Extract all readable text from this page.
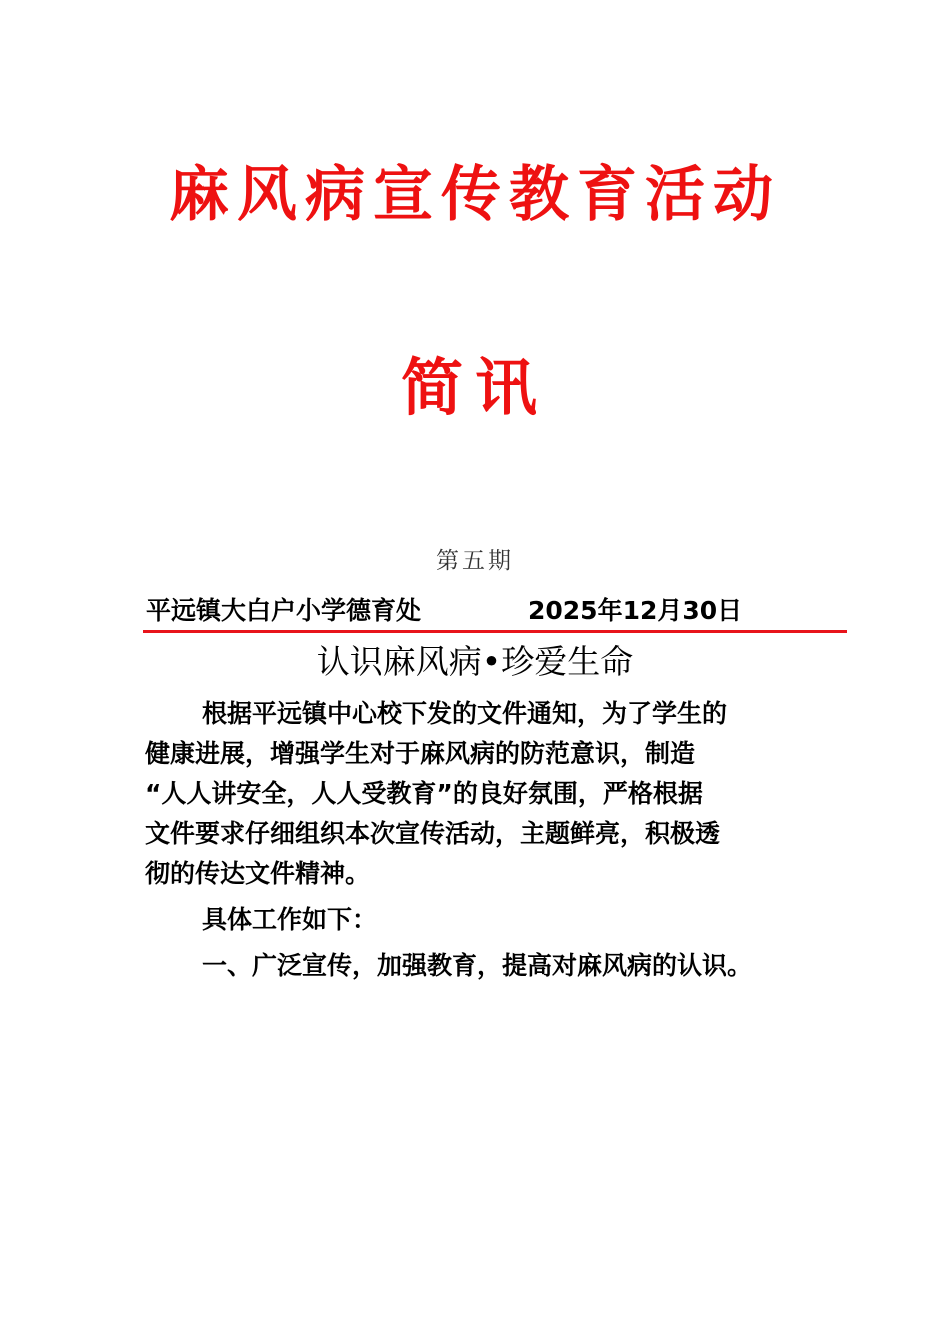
麻风病宣传教育活动
简讯
第五期
平远镇大白户小学德育处	2025年12月30日
认识麻风病•珍爱生命

根据平远镇中心校下发的文件通知，为了学生的
健康进展，增强学生对于麻风病的防范意识，制造
“人人讲安全，人人受教育”的良好氛围，严格根据
文件要求仔细组织本次宣传活动，主题鲜亮，积极透
彻的传达文件精神。

具体工作如下：

一、广泛宣传，加强教育，提高对麻风病的认识。
